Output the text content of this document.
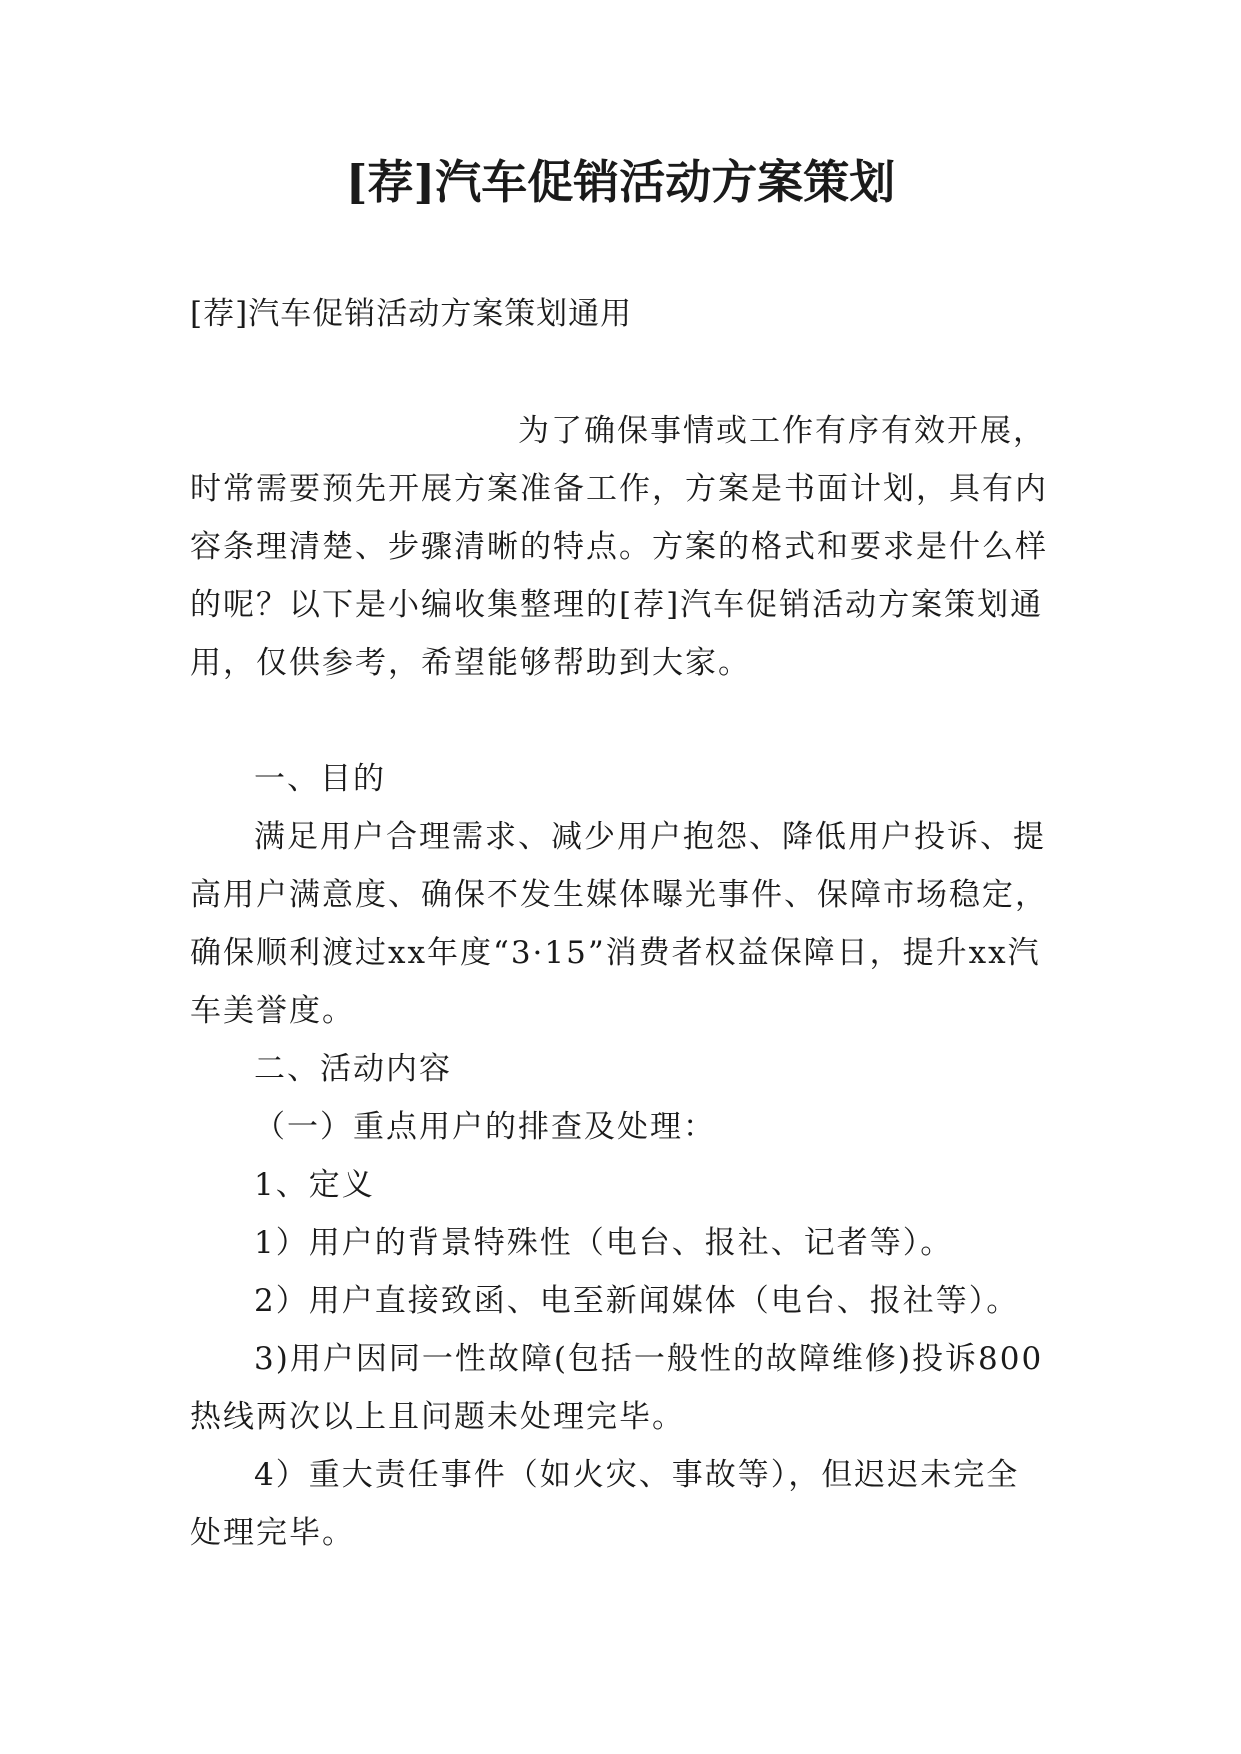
[荐]汽车促销活动方案策划

[荐]汽车促销活动方案策划通用

为了确保事情或工作有序有效开展，时常需要预先开展方案准备工作，方案是书面计划，具有内容条理清楚、步骤清晰的特点。方案的格式和要求是什么样的呢？以下是小编收集整理的[荐]汽车促销活动方案策划通用，仅供参考，希望能够帮助到大家。

一、目的

满足用户合理需求、减少用户抱怨、降低用户投诉、提高用户满意度、确保不发生媒体曝光事件、保障市场稳定，确保顺利渡过xx年度“3·15”消费者权益保障日，提升xx汽车美誉度。

二、活动内容

（一）重点用户的排查及处理：

1、定义

1）用户的背景特殊性（电台、报社、记者等）。

2）用户直接致函、电至新闻媒体（电台、报社等）。

3)用户因同一性故障(包括一般性的故障维修)投诉800热线两次以上且问题未处理完毕。

4）重大责任事件（如火灾、事故等），但迟迟未完全处理完毕。
